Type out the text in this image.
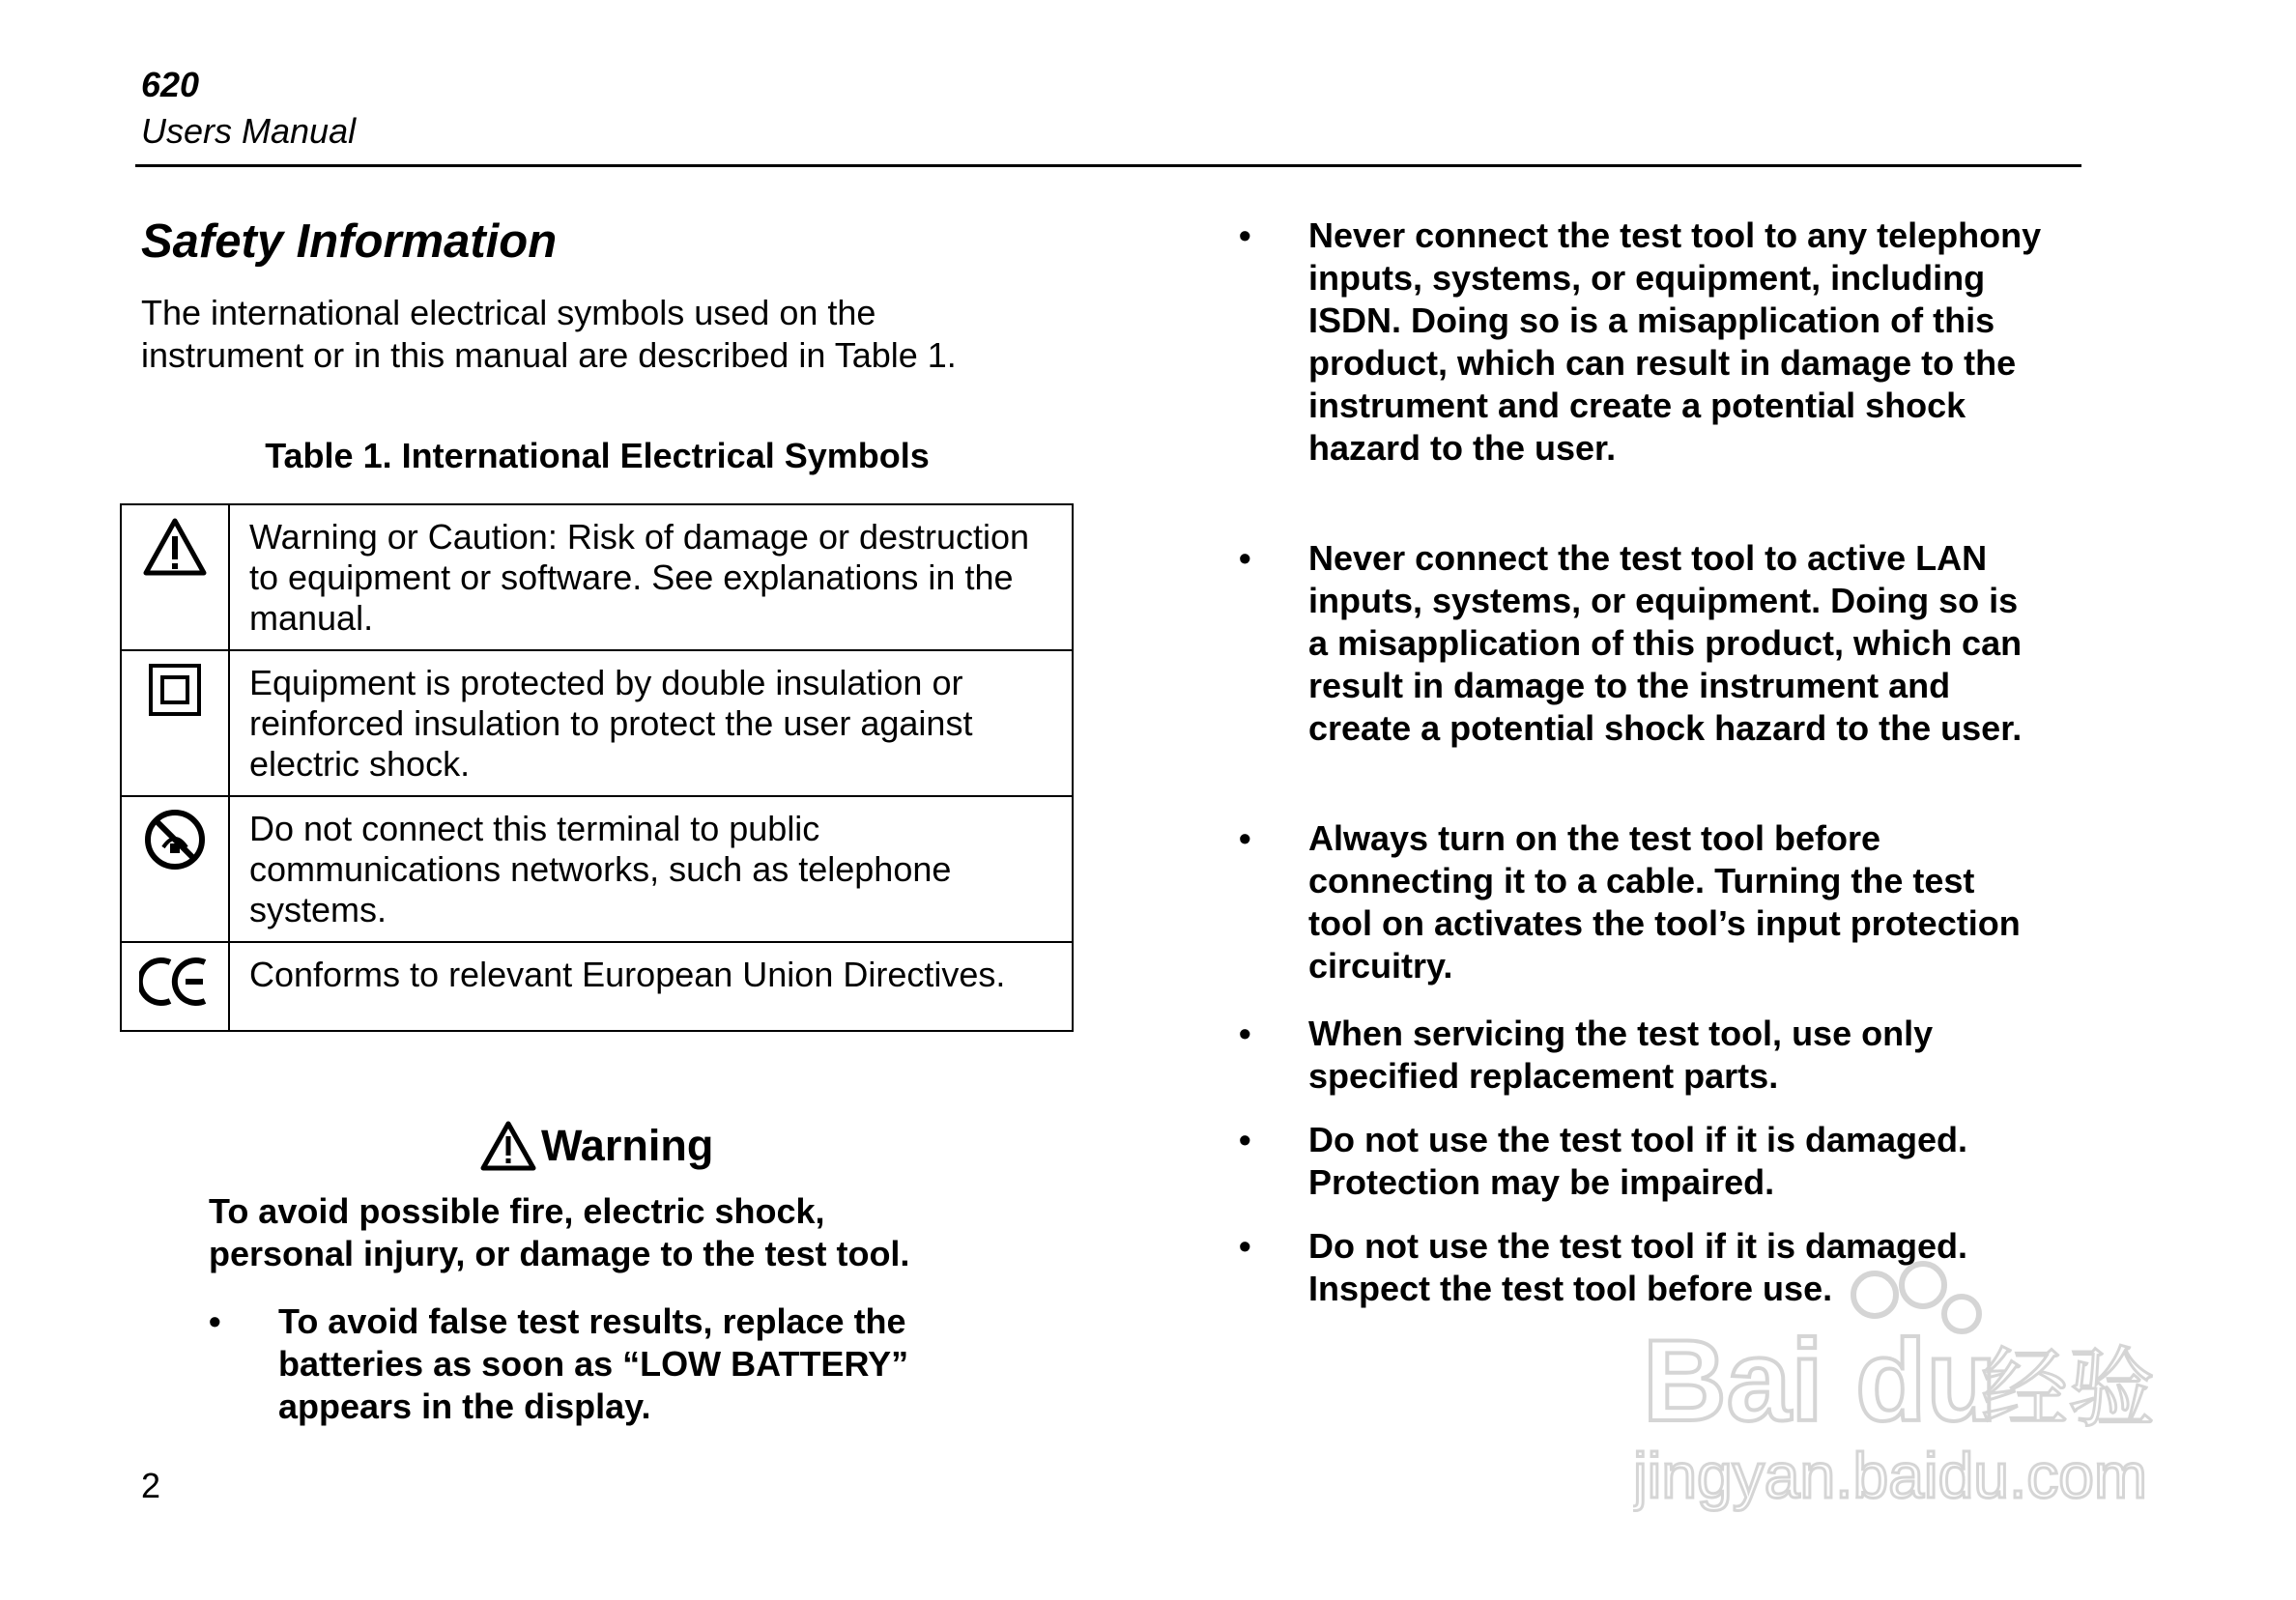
620
Users Manual
Safety Information
The international electrical symbols used on the instrument or in this manual are described in Table 1.
Table 1. International Electrical Symbols
	Warning or Caution: Risk of damage or destruction to equipment or software. See explanations in the manual.
	Equipment is protected by double insulation or reinforced insulation to protect the user against electric shock.
	Do not connect this terminal to public communications networks, such as telephone systems.
	Conforms to relevant European Union Directives.
Warning
To avoid possible fire, electric shock, personal injury, or damage to the test tool.
• To avoid false test results, replace the batteries as soon as “LOW BATTERY” appears in the display.
• Never connect the test tool to any telephony inputs, systems, or equipment, including ISDN. Doing so is a misapplication of this product, which can result in damage to the instrument and create a potential shock hazard to the user.
• Never connect the test tool to active LAN inputs, systems, or equipment. Doing so is a misapplication of this product, which can result in damage to the instrument and create a potential shock hazard to the user.
• Always turn on the test tool before connecting it to a cable. Turning the test tool on activates the tool’s input protection circuitry.
• When servicing the test tool, use only specified replacement parts.
• Do not use the test tool if it is damaged. Protection may be impaired.
• Do not use the test tool if it is damaged. Inspect the test tool before use.
2
Bai du
经验
jingyan.baidu.com
